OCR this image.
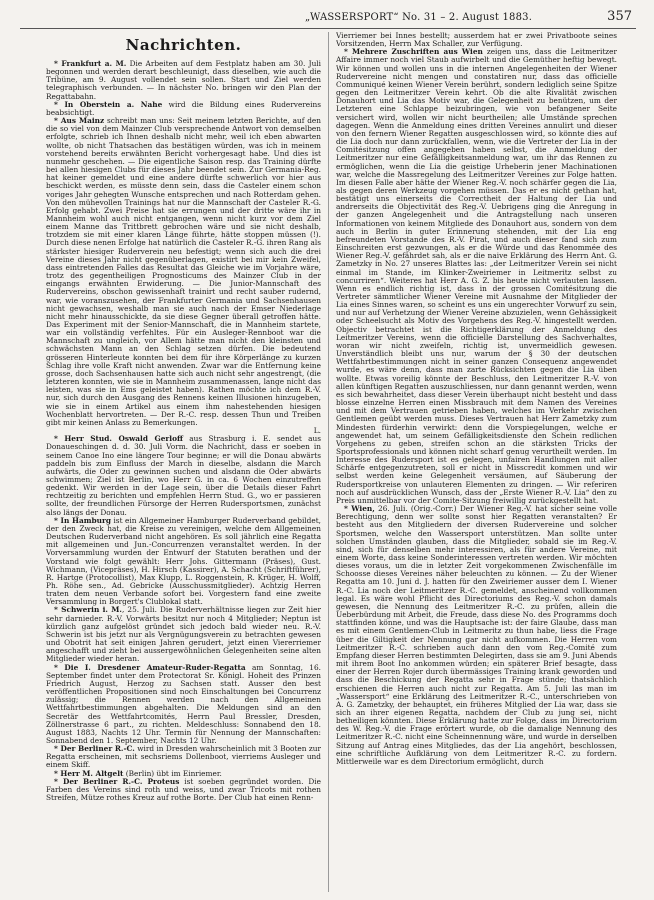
„WASSERSPORT“ No. 31 – 2. August 1883.	357
Nachrichten.

* Frankfurt a. M. Die Arbeiten auf dem Festplatz haben am 30. Juli begonnen und werden derart beschleunigt, dass dieselben, wie auch die Tribüne, am 9. August vollendet sein sollen. Start und Ziel werden telegraphisch verbunden. — In nächster No. bringen wir den Plan der Regattabahn.

* In Oberstein a. Nahe wird die Bildung eines Rudervereins beabsichtigt.

* Aus Mainz schreibt man uns: Seit meinem letzten Berichte, auf den die so viel von dem Mainzer Club versprechende Antwort von demselben erfolgte, schrieb ich Ihnen deshalb nicht mehr, weil ich eben abwarten wollte, ob nicht Thatsachen das bestätigen würden, was ich in meinem vorstehend bereits erwähnten Bericht vorhergesagt habe. Und dies ist nunmehr geschehen. — Die eigentliche Saison resp. das Training dürfte bei allen hiesigen Clubs für dieses Jahr beendet sein. Zur Germania-Reg. hat keiner gemeldet und eine andere dürfte schwerlich vor hier aus beschickt werden, es müsste denn sein, dass die Casteler einem schon voriges Jahr gehegten Wunsche entsprechen und nach Rotterdam gehen. Von den mühevollen Trainings hat nur die Mannschaft der Casteler R.-G. Erfolg gehabt. Zwei Preise hat sie errungen und der dritte wäre ihr in Mannheim wohl auch nicht entgangen, wenn nicht kurz vor dem Ziel einem Manne das Trittbrett gebrochen wäre und sie nicht deshalb, trotzdem sie mit einer klaren Länge führte, hätte stoppen müssen (!). Durch diese nenen Erfolge hat natürlich die Casteler R.-G. ihren Rang als stärkster hiesiger Ruderverein neu befestigt; wenn sich auch die drei Vereine dieses Jahr nicht gegenüberlagen, existirt bei mir kein Zweifel, dass eintretenden Falles das Resultat das Gleiche wie im Vorjahre wäre, trotz des gegentheiligen Prognosticums des Mainzer Club in der eingangs erwähnten Erwiderung. — Die Junior-Mannschaft des Rudervereins, obschon gewissenhaft trainirt und recht sauber rudernd, war, wie voranszusehen, der Frankfurter Germania und Sachsenhausen nicht gewachsen, weshalb man sie auch nach der Emser Niederlage nicht mehr hinausschickte, da sie diese Gegner überall getroffen hätte. Das Experiment mit der Senior-Mannschaft, die in Mannheim startete, war ein vollständig verfehltes. Für ein Ausleger-Rennboot war die Mannschaft zu ungleich, vor Allem hätte man nicht den kleinsten und schwächsten Mann an den Schlag setzen dürfen. Die bedeutend grösseren Hinterleute konnten bei dem für ihre Körperlänge zu kurzen Schlag ihre volle Kraft nicht anwenden. Zwar war die Entfernung keine grosse, doch Sachsenhausen hatte sich auch nicht sehr angestrengt, (die letzteren konnten, wie sie in Mannheim zusammenassen, lange nicht das leisten, was sie in Ems geleistet haben). Rathen möchte ich dem R.-V. nur, sich durch den Ausgang des Rennens keinen Illusionen hinzugeben, wie sie in einem Artikel aus einem ihm nahestehenden hiesigen Wochenblatt hervortreten. — Der R.-C. resp. dessen Thun und Treiben gibt mir keinen Anlass zu Bemerkungen.

L.

* Herr Stud. Oswald Gerloff aus Strasburg i. E. sendet aus Donaueschingen d. d. 30. Juli Vorm. die Nachricht, dass er soeben in seinem Canoe Ino eine längere Tour beginne; er will die Donau abwärts paddeln bis zum Einfluss der March in dieselbe, alsdann die March aufwärts, die Oder zu gewinnen suchen und alsdann die Oder abwärts schwimmen; Ziel ist Berlin, wo Herr G. in ca. 6 Wochen einzutreffen gedenkt. Wir werden in der Lage sein, über die Details dieser Fahrt rechtzeitig zu berichten und empfehlen Herrn Stud. G., wo er passieren sollte, der freundlichen Fürsorge der Herren Rudersportsmen, zunächst also längs der Donau.

* In Hamburg ist ein Allgemeiner Hamburger Ruderverband gebildet, der den Zweck hat, die Kreise zu vereinigen, welche dem Allgemeinen Deutschen Ruderverband nicht angehören. Es soll jährlich eine Regatta mit allgemeinen und Jun.-Concurrenzen veranstaltet werden. In der Vorversammlung wurden der Entwurf der Statuten berathen und der Vorstand wie folgt gewählt: Herr Johs. Gittermann (Präses), Gust. Wichmann, (Vicepräses), H. Hirsch (Kassirer), A. Schacht (Schriftführer), R. Hartge (Protocollist), Max Klupp, L. Roggenstein, R. Krüger, H. Wolff, Ph. Röhe sen., Ad. Gebricke (Ausschussmitglieder). Achtzig Herren traten dem neuen Verbande sofort bei. Vorgestern fand eine zweite Versammlung in Borgert's Clublokal statt.

* Schwerin i. M., 25. Juli. Die Ruderverhältnisse liegen zur Zeit hier sehr darnieder. R.-V. Vorwärts besitzt nur noch 4 Mitglieder; Neptun ist kürzlich ganz aufgelöst gründet sich jedoch bald wieder neu. R.-V. Schwerin ist bis jetzt nur als Vergnügungsverein zu betrachten gewesen und Obotrit hat seit einigen Jahren gerudert, jetzt einen Viererriemer angeschafft und zieht bei aussergewöhnlichen Gelegenheiten seine alten Mitglieder wieder heran.

* Die I. Dresdener Amateur-Ruder-Regatta am Sonntag, 16. September findet unter dem Protectorat Sr. Königl. Hoheit des Prinzen Friedrich August, Herzog zu Sachsen statt. Ausser den best veröffentlichen Propositionen sind noch Einschaltungen bei Concurrenz zulässig; die Rennen werden nach den Allgemeinen Wettfahrtbestimmungen abgehalten. Die Meldungen sind an den Secretär des Wettfahrtcomités, Herrn Paul Bressler, Dresden, Zöllnerstrasse 6 part., zu richten. Meldeschluss: Sonnabend den 18. August 1883, Nachts 12 Uhr. Termin für Nennung der Mannschaften: Sonnabend den 1. September, Nachts 12 Uhr.

* Der Berliner R.-C. wird in Dresden wahrscheinlich mit 3 Booten zur Regatta erscheinen, mit sechsriems Dollenboot, vierriems Ausleger und einem Skiff.

* Herr M. Altgelt (Berlin) übt im Einriemer.

* Der Berliner R.-C. Proteus ist soeben gegründet worden. Die Farben des Vereins sind roth und weiss, und zwar Tricots mit rothen Streifen, Mütze rothes Kreuz auf rothe Borte. Der Club hat einen Renn-

Vierriemer bei Innes bestellt; ausserdem hat er zwei Privatboote seines Vorsitzenden, Herrn Max Schaller, zur Verfügung.

* Mehrere Zuschriften aus Wien zeigen uns, dass die Leitmeritzer Affaire immer noch viel Staub aufwirbelt und die Gemüther heftig bewegt. Wir können und wollen uns in die internen Angelegenheiten der Wiener Rudervereine nicht mengen und constatiren nur, dass das officielle Communiqué keinen Wiener Verein berührt, sondern lediglich seine Spitze gegen den Leitmeritzer Verein kehrt. Ob die alte Rivalität zwischen Donauhort und Lia das Motiv war, die Gelegenheit zu benützen, um der Letzteren eine Schlappe beizubringen, wie von befangener Seite versichert wird, wollen wir nicht beurtheilen; alle Umstände sprechen dagegen. Wenn die Anmeldung eines dritten Vereines annulirt und dieser von den fernern Wiener Regatten ausgeschlossen wird, so könnte dies auf die Lia doch nur dann zurückfallen, wenn, wie die Vertreter der Lia in der Comitésitzung offen angegeben haben selbst, die Anmeldung der Leitmeritzer nur eine Gefälligkeitsanmeldung war, um ihr das Rennen zu ermöglichen, wenn die Lia die geistige Urheberin jener Machinationen war, welche die Massregelung des Leitmeritzer Vereines zur Folge hatten. Im diesen Falle aber hätte der Wiener Reg.-V. noch schärfer gegen die Lia, als gegen deren Werkzeug vorgehen müssen. Das er es nicht gethan hat, bestätigt uns einerseits die Correctheit der Haltung der Lia und andrerseits die Objectivität des Reg.-V. Uebrigens ging die Anregung in der ganzen Angelegenheit und die Antragstellung nach unseren Informationen von keinem Mitgliede des Donauhort aus, sondern von dem auch in Berlin in guter Erinnerung stehenden, mit der Lia eng befreundeten Vorstande des R.-V. Pirat, und auch dieser fand sich zum Einschreiten erst gezwungen, als er die Würde und das Renommée des Wiener Reg.-V. gefährdet sah, als er die naive Erklärung des Herrn Ant. G. Zametzky in No. 27 unseres Blattes las: „der Leitmeritzer Verein sei nicht einmal im Stande, im Klinker-Zweiriemer in Leitmeritz selbst zu concurriren“. Weiteres hat Herr A. G. Z. bis heute nicht verlauten lassen. Wenn es endlich richtig ist, dass in der grossen Comitésitzung die Vertreter sämmtlicher Wiener Vereine mit Ausnahme der Mitglieder der Lia eines Sinnes waren, so scheint es uns ein ungerechter Vorwurf zu sein, und nur auf Verhetzung der Wiener Vereine abzuzielen, wenn Gehässigkeit oder Scheelsucht als Motiv des Vorgehens des Reg.-V. hingestellt werden. Objectiv betrachtet ist die Richtigerklärung der Anmeldung des Leitmeritzer Vereins, wenn die officielle Darstellung des Sachverhaltes, woran wir nicht zweifeln, richtig ist, unvermeidlich gewesen. Unverständlich bleibt uns nur, warum der § 30 der deutschen Wettfahrtbestimmungen nicht in seiner ganzen Consequenz angewendet wurde, es wäre denn, dass man zarte Rücksichten gegen die Lia üben wollte. Etwas voreilig könnte der Beschluss, den Leitmeritzer R.-V. von allen künftigen Regatten auszuschliessen, nur dann genannt werden, wenn es sich bewahrheitet, dass dieser Verein überhaupt nicht besteht und dass blosse einzelne Herren einen Missbrauch mit dem Namen des Vereines und mit dem Vertrauen getrieben haben, welches im Verkehr zwischen Gentlemen geübt werden muss. Dieses Vertrauen hat Herr Zametzky zum Mindesten fürderhin verwirkt: denn die Vorspiegelungen, welche er angewendet hat, um seinem Gefälligkeitsdienste den Schein redlichen Vorgehens zu geben, streifen schon an die stärksten Tricks der Sportsprofessionals und können nicht scharf genug verurtheilt werden. Im Interesse des Rudersport ist es gelegen, unfairen Handlungen mit aller Schärfe entgegenzutreten, soll er nicht in Misscredit kommen und wir selbst werden keine Gelegenheit versäumen, auf Säuberung der Rudersportkreise von unlauteren Elementen zu dringen. — Wir referiren noch auf ausdrücklichen Wunsch, dass der „Erste Wiener R.-V. Lia“ den zu Preis unmittelbar vor der Comite-Sitzung freiwillig zurückgestellt hat.

* Wien, 26. Juli. (Orig.-Corr.) Der Wiener Reg.-V. hat sicher seine volle Berechtigung, denn wer sollte sonst hier Regatten veranstalten? Er besteht aus den Mitgliedern der diversen Rudervereine und solcher Sportsmen, welche den Wassersport unterstützen. Man sollte unter solchen Umständen glauben, dass die Mitglieder, sobald sie im Reg.-V. sind, sich für denselben mehr interessiren, als für andere Vereine, mit einem Worte, dass keine Sonderinteressen vertreten werden. Wir möchten dieses voraus, um die in letzter Zeit vorgekommenen Zwischenfälle im Schoosse dieses Vereines näher beleuchten zu können. — Zu der Wiener Regatta am 10. Juni d. J. hatten für den Zweiriemer ausser dem I. Wiener R.-C. Lia noch der Leitmeritzer R.-C. gemeldet, anscheinend vollkommen legal. Es wäre wohl Pflicht des Directoriums des Reg.-V. schon damals gewesen, die Nennung des Leitmeritzer R.-C. zu prüfen, allein die Ueberbürdung mit Arbeit, die Freude, dass diese No. des Programms doch stattfinden könne, und was die Hauptsache ist: der faire Glaube, dass man es mit einem Gentlemen-Club in Leitmeritz zu thun habe, liess die Frage über die Giltigkeit der Nennung gar nicht aufkommen. Die Herren vom Leitmeritzer R.-C. schrieben auch dann den vom Reg.-Comité zum Empfang dieser Herren bestimmten Delegirten, dass sie am 9. Juni Abends mit ihrem Boot Ino ankommen würden; ein späterer Brief besagte, dass einer der Herren Rojer durch übermässiges Training krank geworden und dass die Beschickung der Regatta sehr in Frage stünde; thatsächlich erschienen die Herren auch nicht zur Regatta. Am 5. Juli las man im „Wassersport“ eine Erklärung des Leitmeritzer R.-C., unterschrieben von A. G. Zametzky, der behauptet, ein früheres Mitglied der Lia war, dass sie sich an ihrer eigenen Regatta, nachdem der Club zu jung sei, nicht betheiligen könnten. Diese Erklärung hatte zur Folge, dass im Directorium des W. Reg.-V. die Frage erörtert wurde, ob die damalige Nennung des Leitmeritzer R.-C. nicht eine Scheinnennung wäre, und wurde in derselben Sitzung auf Antrag eines Mitgliedes, das der Lia angehört, beschlossen, eine schriftliche Aufklärung von dem Leitmeritzer R.-C. zu fordern. Mittlerweile war es dem Directorium ermöglicht, durch
